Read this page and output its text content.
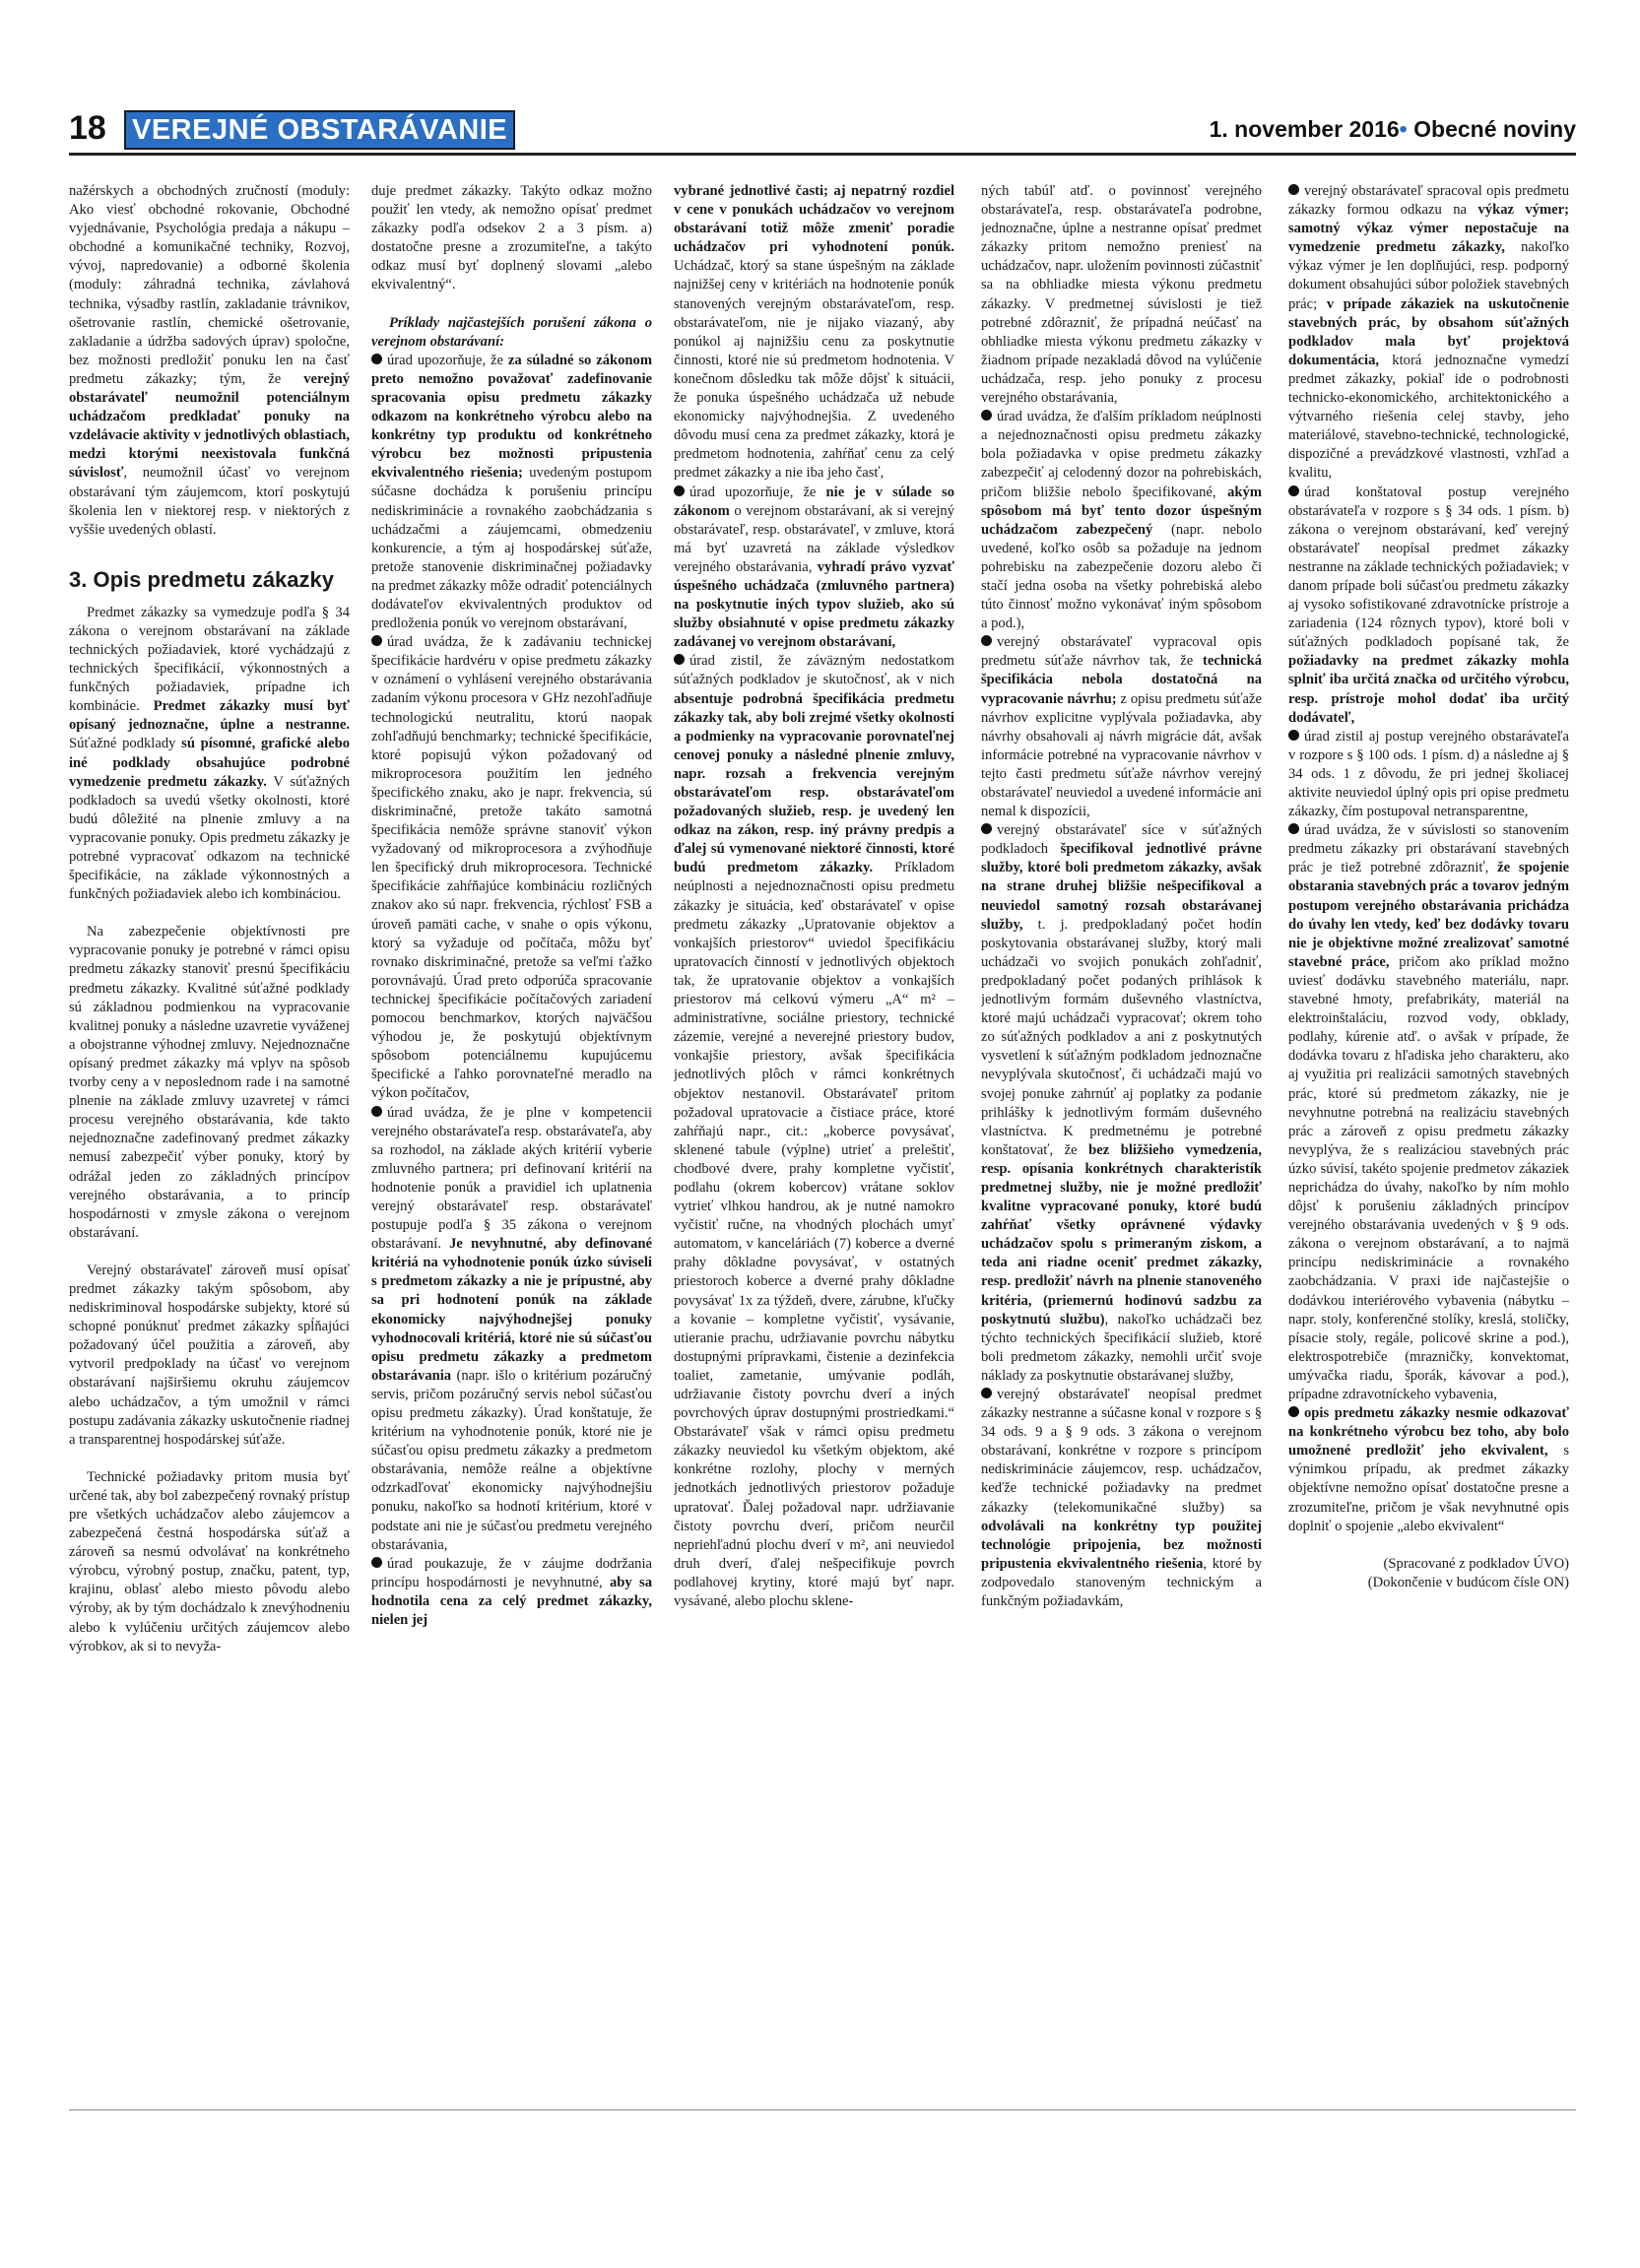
18 VEREJNÉ OBSTARÁVANIE	1. november 2016• Obecné noviny

nažérskych a obchodných zručností (moduly: Ako viesť obchodné rokovanie, Obchodné vyjednávanie, Psychológia predaja a nákupu – obchodné a komunikačné techniky, Rozvoj, vývoj, napredovanie) a odborné školenia (moduly: záhradná technika, závlahová technika, výsadby rastlín, zakladanie trávnikov, ošetrovanie rastlín, chemické ošetrovanie, zakladanie a údržba sadových úprav) spoločne, bez možnosti predložiť ponuku len na časť predmetu zákazky; tým, že verejný obstarávateľ neumožnil potenciálnym uchádzačom predkladať ponuky na vzdelávacie aktivity v jednotlivých oblastiach, medzi ktorými neexistovala funkčná súvislosť, neumožnil účasť vo verejnom obstarávaní tým záujemcom, ktorí poskytujú školenia len v niektorej resp. v niektorých z vyššie uvedených oblastí.

3. Opis predmetu zákazky

Predmet zákazky sa vymedzuje podľa § 34 zákona o verejnom obstarávaní na základe technických požiadaviek, ktoré vychádzajú z technických špecifikácií, výkonnostných a funkčných požiadaviek, prípadne ich kombinácie. Predmet zákazky musí byť opísaný jednoznačne, úplne a nestranne. Súťažné podklady sú písomné, grafické alebo iné podklady obsahujúce podrobné vymedzenie predmetu zákazky. V súťažných podkladoch sa uvedú všetky okolnosti, ktoré budú dôležité na plnenie zmluvy a na vypracovanie ponuky. Opis predmetu zákazky je potrebné vypracovať odkazom na technické špecifikácie, na základe výkonnostných a funkčných požiadaviek alebo ich kombináciou.

Na zabezpečenie objektívnosti pre vypracovanie ponuky je potrebné v rámci opisu predmetu zákazky stanoviť presnú špecifikáciu predmetu zákazky. Kvalitné súťažné podklady sú základnou podmienkou na vypracovanie kvalitnej ponuky a následne uzavretie vyváženej a obojstranne výhodnej zmluvy. Nejednoznačne opísaný predmet zákazky má vplyv na spôsob tvorby ceny a v neposlednom rade i na samotné plnenie na základe zmluvy uzavretej v rámci procesu verejného obstarávania, kde takto nejednoznačne zadefinovaný predmet zákazky nemusí zabezpečiť výber ponuky, ktorý by odrážal jeden zo základných princípov verejného obstarávania, a to princíp hospodárnosti v zmysle zákona o verejnom obstarávaní.

Verejný obstarávateľ zároveň musí opísať predmet zákazky takým spôsobom, aby nediskriminoval hospodárske subjekty, ktoré sú schopné ponúknuť predmet zákazky spĺňajúci požadovaný účel použitia a zároveň, aby vytvoril predpoklady na účasť vo verejnom obstarávaní najširšiemu okruhu záujemcov alebo uchádzačov, a tým umožnil v rámci postupu zadávania zákazky uskutočnenie riadnej a transparentnej hospodárskej súťaže.

Technické požiadavky pritom musia byť určené tak, aby bol zabezpečený rovnaký prístup pre všetkých uchádzačov alebo záujemcov a zabezpečená čestná hospodárska súťaž a zároveň sa nesmú odvolávať na konkrétneho výrobcu, výrobný postup, značku, patent, typ, krajinu, oblasť alebo miesto pôvodu alebo výroby, ak by tým dochádzalo k znevýhodneniu alebo k vylúčeniu určitých záujemcov alebo výrobkov, ak si to nevyža-

duje predmet zákazky. Takýto odkaz možno použiť len vtedy, ak nemožno opísať predmet zákazky podľa odsekov 2 a 3 písm. a) dostatočne presne a zrozumiteľne, a takýto odkaz musí byť doplnený slovami „alebo ekvivalentný“.

Príklady najčastejších porušení zákona o verejnom obstarávaní:

úrad upozorňuje, že za súladné so zákonom preto nemožno považovať zadefinovanie spracovania opisu predmetu zákazky odkazom na konkrétneho výrobcu alebo na konkrétny typ produktu od konkrétneho výrobcu bez možnosti pripustenia ekvivalentného riešenia; uvedeným postupom súčasne dochádza k porušeniu princípu nediskriminácie a rovnakého zaobchádzania s uchádzačmi a záujemcami, obmedzeniu konkurencie, a tým aj hospodárskej súťaže, pretože stanovenie diskriminačnej požiadavky na predmet zákazky môže odradiť potenciálnych dodávateľov ekvivalentných produktov od predloženia ponúk vo verejnom obstarávaní,

úrad uvádza, že k zadávaniu technickej špecifikácie hardvéru v opise predmetu zákazky v oznámení o vyhlásení verejného obstarávania zadaním výkonu procesora v GHz nezohľadňuje technologickú neutralitu, ktorú naopak zohľadňujú benchmarky; technické špecifikácie, ktoré popisujú výkon požadovaný od mikroprocesora použitím len jedného špecifického znaku, ako je napr. frekvencia, sú diskriminačné, pretože takáto samotná špecifikácia nemôže správne stanoviť výkon vyžadovaný od mikroprocesora a zvýhodňuje len špecifický druh mikroprocesora. Technické špecifikácie zahŕňajúce kombináciu rozličných znakov ako sú napr. frekvencia, rýchlosť FSB a úroveň pamäti cache, v snahe o opis výkonu, ktorý sa vyžaduje od počítača, môžu byť rovnako diskriminačné, pretože sa veľmi ťažko porovnávajú. Úrad preto odporúča spracovanie technickej špecifikácie počítačových zariadení pomocou benchmarkov, ktorých najväčšou výhodou je, že poskytujú objektívnym spôsobom potenciálnemu kupujúcemu špecifické a ľahko porovnateľné meradlo na výkon počítačov,

úrad uvádza, že je plne v kompetencii verejného obstarávateľa resp. obstarávateľa, aby sa rozhodol, na základe akých kritérií vyberie zmluvného partnera; pri definovaní kritérií na hodnotenie ponúk a pravidiel ich uplatnenia verejný obstarávateľ resp. obstarávateľ postupuje podľa § 35 zákona o verejnom obstarávaní. Je nevyhnutné, aby definované kritériá na vyhodnotenie ponúk úzko súviseli s predmetom zákazky a nie je prípustné, aby sa pri hodnotení ponúk na základe ekonomicky najvýhodnejšej ponuky vyhodnocovali kritériá, ktoré nie sú súčasťou opisu predmetu zákazky a predmetom obstarávania (napr. išlo o kritérium pozáručný servis, pričom pozáručný servis nebol súčasťou opisu predmetu zákazky). Úrad konštatuje, že kritérium na vyhodnotenie ponúk, ktoré nie je súčasťou opisu predmetu zákazky a predmetom obstarávania, nemôže reálne a objektívne odzrkadľovať ekonomicky najvýhodnejšiu ponuku, nakoľko sa hodnotí kritérium, ktoré v podstate ani nie je súčasťou predmetu verejného obstarávania,

úrad poukazuje, že v záujme dodržania princípu hospodárnosti je nevyhnutné, aby sa hodnotila cena za celý predmet zákazky, nielen jej

vybrané jednotlivé časti; aj nepatrný rozdiel v cene v ponukách uchádzačov vo verejnom obstarávaní totiž môže zmeniť poradie uchádzačov pri vyhodnotení ponúk. Uchádzač, ktorý sa stane úspešným na základe najnižšej ceny v kritériách na hodnotenie ponúk stanovených verejným obstarávateľom, resp. obstarávateľom, nie je nijako viazaný, aby ponúkol aj najnižšiu cenu za poskytnutie činnosti, ktoré nie sú predmetom hodnotenia. V konečnom dôsledku tak môže dôjsť k situácii, že ponuka úspešného uchádzača už nebude ekonomicky najvýhodnejšia. Z uvedeného dôvodu musí cena za predmet zákazky, ktorá je predmetom hodnotenia, zahŕňať cenu za celý predmet zákazky a nie iba jeho časť,

úrad upozorňuje, že nie je v súlade so zákonom o verejnom obstarávaní, ak si verejný obstarávateľ, resp. obstarávateľ, v zmluve, ktorá má byť uzavretá na základe výsledkov verejného obstarávania, vyhradí právo vyzvať úspešného uchádzača (zmluvného partnera) na poskytnutie iných typov služieb, ako sú služby obsiahnuté v opise predmetu zákazky zadávanej vo verejnom obstarávaní,

úrad zistil, že záväzným nedostatkom súťažných podkladov je skutočnosť, ak v nich absentuje podrobná špecifikácia predmetu zákazky tak, aby boli zrejmé všetky okolnosti a podmienky na vypracovanie porovnateľnej cenovej ponuky a následné plnenie zmluvy, napr. rozsah a frekvencia verejným obstarávateľom resp. obstarávateľom požadovaných služieb, resp. je uvedený len odkaz na zákon, resp. iný právny predpis a ďalej sú vymenované niektoré činnosti, ktoré budú predmetom zákazky. Príkladom neúplnosti a nejednoznačnosti opisu predmetu zákazky je situácia, keď obstarávateľ v opise predmetu zákazky „Upratovanie objektov a vonkajších priestorov“ uviedol špecifikáciu upratovacích činností v jednotlivých objektoch tak, že upratovanie objektov a vonkajších priestorov má celkovú výmeru „A“ m² – administratívne, sociálne priestory, technické zázemie, verejné a neverejné priestory budov, vonkajšie priestory, avšak špecifikácia jednotlivých plôch v rámci konkrétnych objektov nestanovil. Obstarávateľ pritom požadoval upratovacie a čistiace práce, ktoré zahŕňajú napr., cit.: „koberce povysávať, sklenené tabule (výplne) utrieť a preleštiť, chodbové dvere, prahy kompletne vyčistiť, podlahu (okrem kobercov) vrátane soklov vytrieť vlhkou handrou, ak je nutné namokro vyčistiť ručne, na vhodných plochách umyť automatom, v kanceláriách (7) koberce a dverné prahy dôkladne povysávať, v ostatných priestoroch koberce a dverné prahy dôkladne povysávať 1x za týždeň, dvere, zárubne, kľučky a kovanie – kompletne vyčistiť, vysávanie, utieranie prachu, udržiavanie povrchu nábytku dostupnými prípravkami, čistenie a dezinfekcia toaliet, zametanie, umývanie podláh, udržiavanie čistoty povrchu dverí a iných povrchových úprav dostupnými prostriedkami.“ Obstarávateľ však v rámci opisu predmetu zákazky neuviedol ku všetkým objektom, aké konkrétne rozlohy, plochy v merných jednotkách jednotlivých priestorov požaduje upratovať. Ďalej požadoval napr. udržiavanie čistoty povrchu dverí, pričom neurčil nepriehľadnú plochu dverí v m², ani neuviedol druh dverí, ďalej nešpecifikuje povrch podlahovej krytiny, ktoré majú byť napr. vysávané, alebo plochu sklene-

ných tabúľ atď. o povinnosť verejného obstarávateľa, resp. obstarávateľa podrobne, jednoznačne, úplne a nestranne opísať predmet zákazky pritom nemožno preniesť na uchádzačov, napr. uložením povinnosti zúčastniť sa na obhliadke miesta výkonu predmetu zákazky. V predmetnej súvislosti je tiež potrebné zdôrazniť, že prípadná neúčasť na obhliadke miesta výkonu predmetu zákazky v žiadnom prípade nezakladá dôvod na vylúčenie uchádzača, resp. jeho ponuky z procesu verejného obstarávania,

úrad uvádza, že ďalším príkladom neúplnosti a nejednoznačnosti opisu predmetu zákazky bola požiadavka v opise predmetu zákazky zabezpečiť aj celodenný dozor na pohrebiskách, pričom bližšie nebolo špecifikované, akým spôsobom má byť tento dozor úspešným uchádzačom zabezpečený (napr. nebolo uvedené, koľko osôb sa požaduje na jednom pohrebisku na zabezpečenie dozoru alebo či stačí jedna osoba na všetky pohrebiská alebo túto činnosť možno vykonávať iným spôsobom a pod.),

verejný obstarávateľ vypracoval opis predmetu súťaže návrhov tak, že technická špecifikácia nebola dostatočná na vypracovanie návrhu; z opisu predmetu súťaže návrhov explicitne vyplývala požiadavka, aby návrhy obsahovali aj návrh migrácie dát, avšak informácie potrebné na vypracovanie návrhov v tejto časti predmetu súťaže návrhov verejný obstarávateľ neuviedol a uvedené informácie ani nemal k dispozícii,

verejný obstarávateľ síce v súťažných podkladoch špecifikoval jednotlivé právne služby, ktoré boli predmetom zákazky, avšak na strane druhej bližšie nešpecifikoval a neuviedol samotný rozsah obstarávanej služby, t. j. predpokladaný počet hodín poskytovania obstarávanej služby, ktorý mali uchádzači vo svojich ponukách zohľadniť, predpokladaný počet podaných prihlások k jednotlivým formám duševného vlastníctva, ktoré majú uchádzači vypracovať; okrem toho zo súťažných podkladov a ani z poskytnutých vysvetlení k súťažným podkladom jednoznačne nevyplývala skutočnosť, či uchádzači majú vo svojej ponuke zahrnúť aj poplatky za podanie prihlášky k jednotlivým formám duševného vlastníctva. K predmetnému je potrebné konštatovať, že bez bližšieho vymedzenia, resp. opísania konkrétnych charakteristík predmetnej služby, nie je možné predložiť kvalitne vypracované ponuky, ktoré budú zahŕňať všetky oprávnené výdavky uchádzačov spolu s primeraným ziskom, a teda ani riadne oceniť predmet zákazky, resp. predložiť návrh na plnenie stanoveného kritéria, (priemernú hodinovú sadzbu za poskytnutú službu), nakoľko uchádzači bez týchto technických špecifikácií služieb, ktoré boli predmetom zákazky, nemohli určiť svoje náklady za poskytnutie obstarávanej služby,

verejný obstarávateľ neopísal predmet zákazky nestranne a súčasne konal v rozpore s § 34 ods. 9 a § 9 ods. 3 zákona o verejnom obstarávaní, konkrétne v rozpore s princípom nediskriminácie záujemcov, resp. uchádzačov, keďže technické požiadavky na predmet zákazky (telekomunikačné služby) sa odvolávali na konkrétny typ použitej technológie pripojenia, bez možnosti pripustenia ekvivalentného riešenia, ktoré by zodpovedalo stanoveným technickým a funkčným požiadavkám,

verejný obstarávateľ spracoval opis predmetu zákazky formou odkazu na výkaz výmer; samotný výkaz výmer nepostačuje na vymedzenie predmetu zákazky, nakoľko výkaz výmer je len doplňujúci, resp. podporný dokument obsahujúci súbor položiek stavebných prác; v prípade zákaziek na uskutočnenie stavebných prác, by obsahom súťažných podkladov mala byť projektová dokumentácia, ktorá jednoznačne vymedzí predmet zákazky, pokiaľ ide o podrobnosti technicko-ekonomického, architektonického a výtvarného riešenia celej stavby, jeho materiálové, stavebno-technické, technologické, dispozičné a prevádzkové vlastnosti, vzhľad a kvalitu,

úrad konštatoval postup verejného obstarávateľa v rozpore s § 34 ods. 1 písm. b) zákona o verejnom obstarávaní, keď verejný obstarávateľ neopísal predmet zákazky nestranne na základe technických požiadaviek; v danom prípade boli súčasťou predmetu zákazky aj vysoko sofistikované zdravotnícke prístroje a zariadenia (124 rôznych typov), ktoré boli v súťažných podkladoch popísané tak, že požiadavky na predmet zákazky mohla splniť iba určitá značka od určitého výrobcu, resp. prístroje mohol dodať iba určitý dodávateľ,

úrad zistil aj postup verejného obstarávateľa v rozpore s § 100 ods. 1 písm. d) a následne aj § 34 ods. 1 z dôvodu, že pri jednej školiacej aktivite neuviedol úplný opis pri opise predmetu zákazky, čím postupoval netransparentne,

úrad uvádza, že v súvislosti so stanovením predmetu zákazky pri obstarávaní stavebných prác je tiež potrebné zdôrazniť, že spojenie obstarania stavebných prác a tovarov jedným postupom verejného obstarávania prichádza do úvahy len vtedy, keď bez dodávky tovaru nie je objektívne možné zrealizovať samotné stavebné práce, pričom ako príklad možno uviesť dodávku stavebného materiálu, napr. stavebné hmoty, prefabrikáty, materiál na elektroinštaláciu, rozvod vody, obklady, podlahy, kúrenie atď. o avšak v prípade, že dodávka tovaru z hľadiska jeho charakteru, ako aj využitia pri realizácii samotných stavebných prác, ktoré sú predmetom zákazky, nie je nevyhnutne potrebná na realizáciu stavebných prác a zároveň z opisu predmetu zákazky nevyplýva, že s realizáciou stavebných prác úzko súvisí, takéto spojenie predmetov zákaziek neprichádza do úvahy, nakoľko by ním mohlo dôjsť k porušeniu základných princípov verejného obstarávania uvedených v § 9 ods. zákona o verejnom obstarávaní, a to najmä princípu nediskriminácie a rovnakého zaobchádzania. V praxi ide najčastejšie o dodávkou interiérového vybavenia (nábytku – napr. stoly, konferenčné stolíky, kreslá, stoličky, písacie stoly, regále, policové skrine a pod.), elektrospotrebiče (mrazničky, konvektomat, umývačka riadu, šporák, kávovar a pod.), prípadne zdravotníckeho vybavenia,

opis predmetu zákazky nesmie odkazovať na konkrétneho výrobcu bez toho, aby bolo umožnené predložiť jeho ekvivalent, s výnimkou prípadu, ak predmet zákazky objektívne nemožno opísať dostatočne presne a zrozumiteľne, pričom je však nevyhnutné opis doplniť o spojenie „alebo ekvivalent“

(Spracované z podkladov ÚVO)

(Dokončenie v budúcom čísle ON)
